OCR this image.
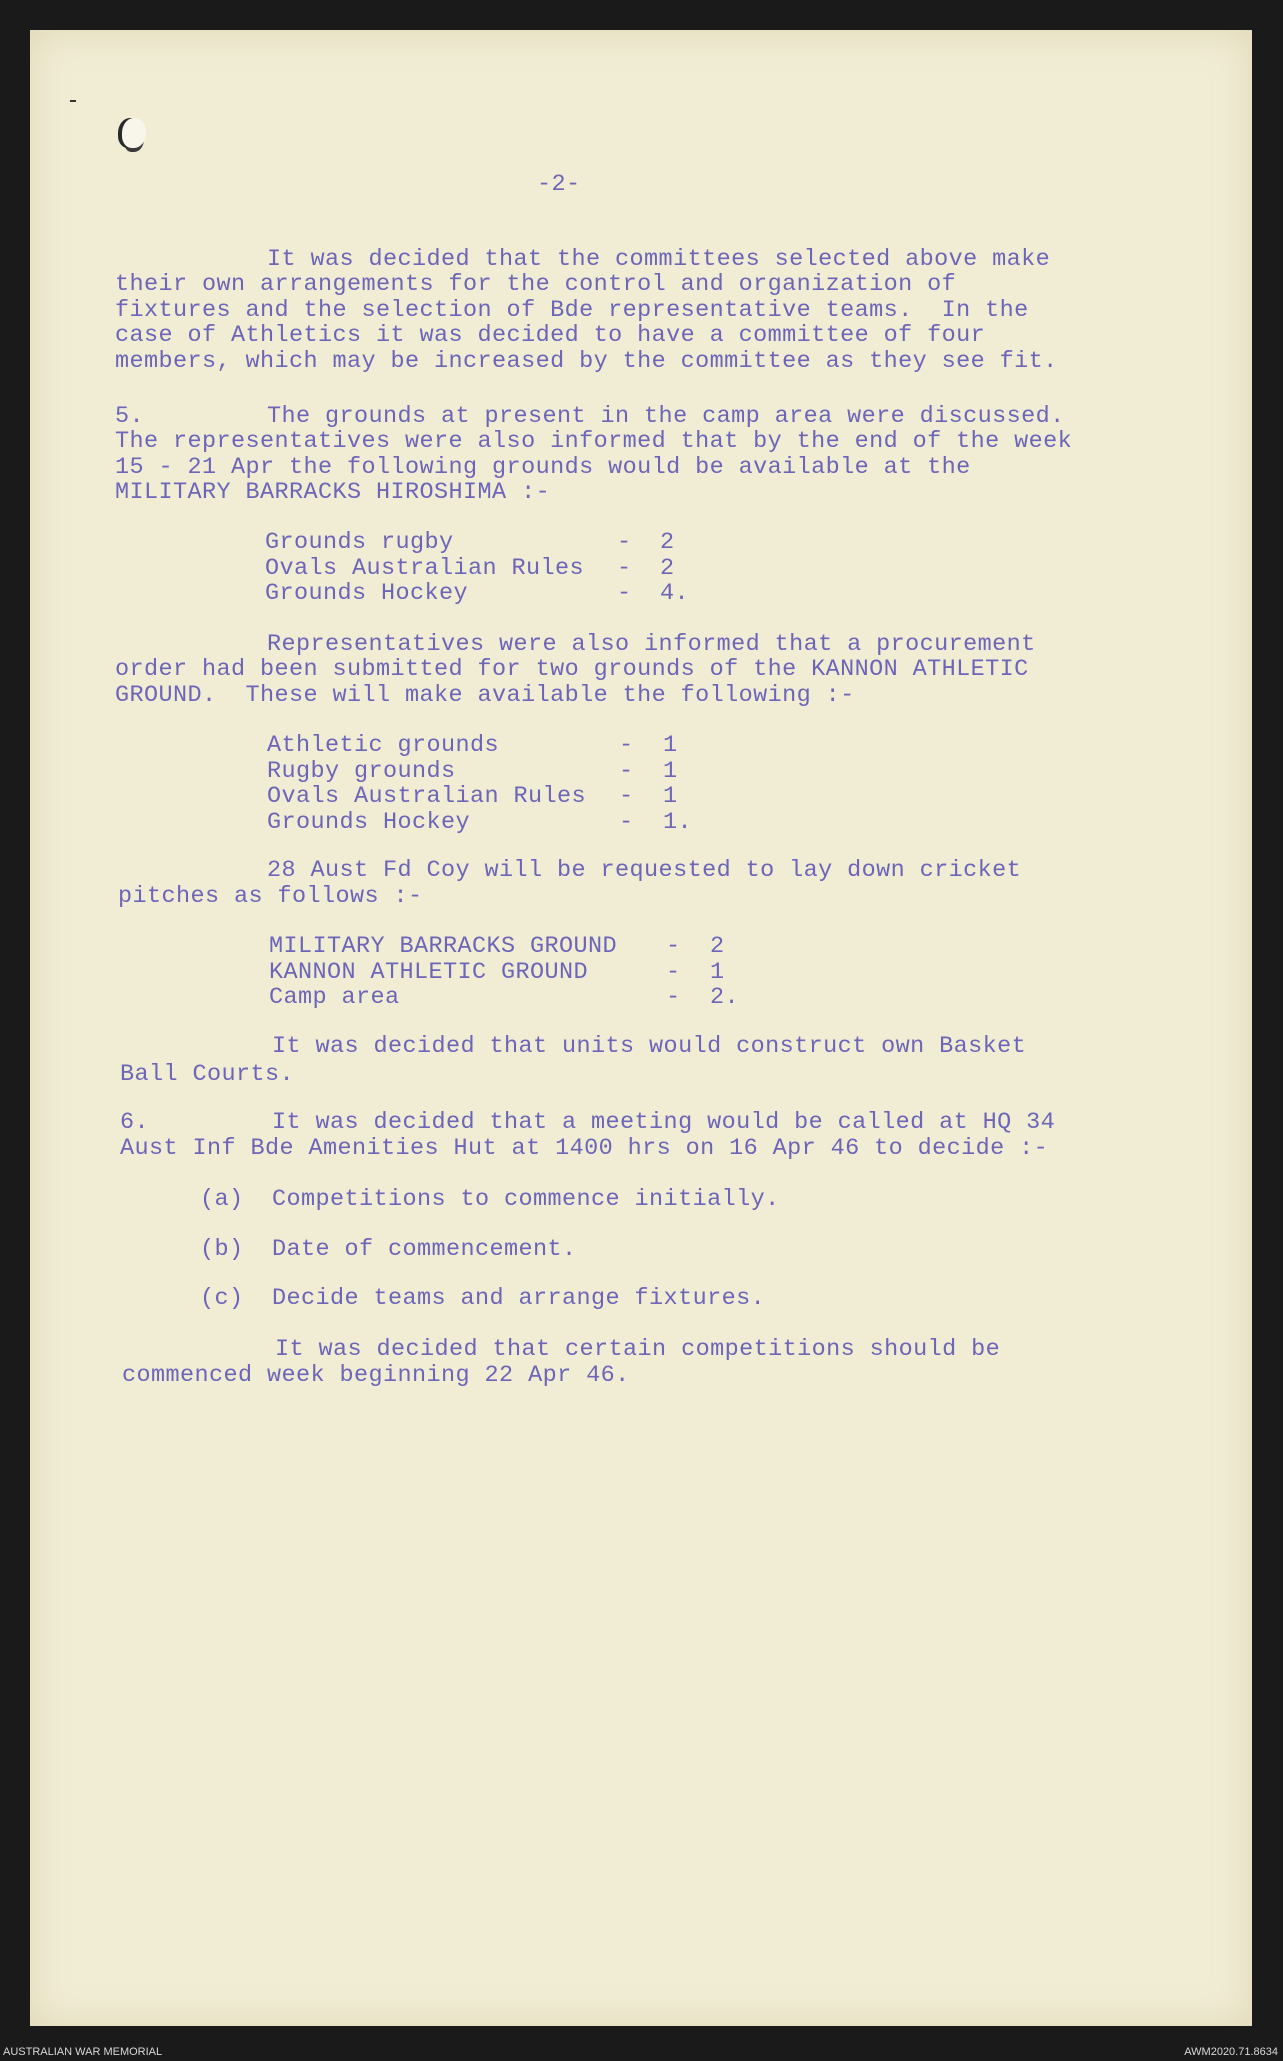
-2-
It was decided that the committees selected above make
their own arrangements for the control and organization of
fixtures and the selection of Bde representative teams.  In the
case of Athletics it was decided to have a committee of four
members, which may be increased by the committee as they see fit.
5.	The grounds at present in the camp area were discussed.
The representatives were also informed that by the end of the week
15 - 21 Apr the following grounds would be available at the
MILITARY BARRACKS HIROSHIMA :-
Grounds rugby	- 2
Ovals Australian Rules - 2
Grounds Hockey	- 4.
Representatives were also informed that a procurement
order had been submitted for two grounds of the KANNON ATHLETIC
GROUND.  These will make available the following :-
Athletic grounds	- 1
Rugby grounds	- 1
Ovals Australian Rules - 1
Grounds Hockey	- 1.
28 Aust Fd Coy will be requested to lay down cricket
pitches as follows :-
MILITARY BARRACKS GROUND - 2
KANNON ATHLETIC GROUND	- 1
Camp area	- 2.
It was decided that units would construct own Basket
Ball Courts.
6.	It was decided that a meeting would be called at HQ 34
Aust Inf Bde Amenities Hut at 1400 hrs on 16 Apr 46 to decide :-
(a) Competitions to commence initially.
(b) Date of commencement.
(c) Decide teams and arrange fixtures.
It was decided that certain competitions should be
commenced week beginning 22 Apr 46.
AUSTRALIAN WAR MEMORIAL	AWM2020.71.8634
